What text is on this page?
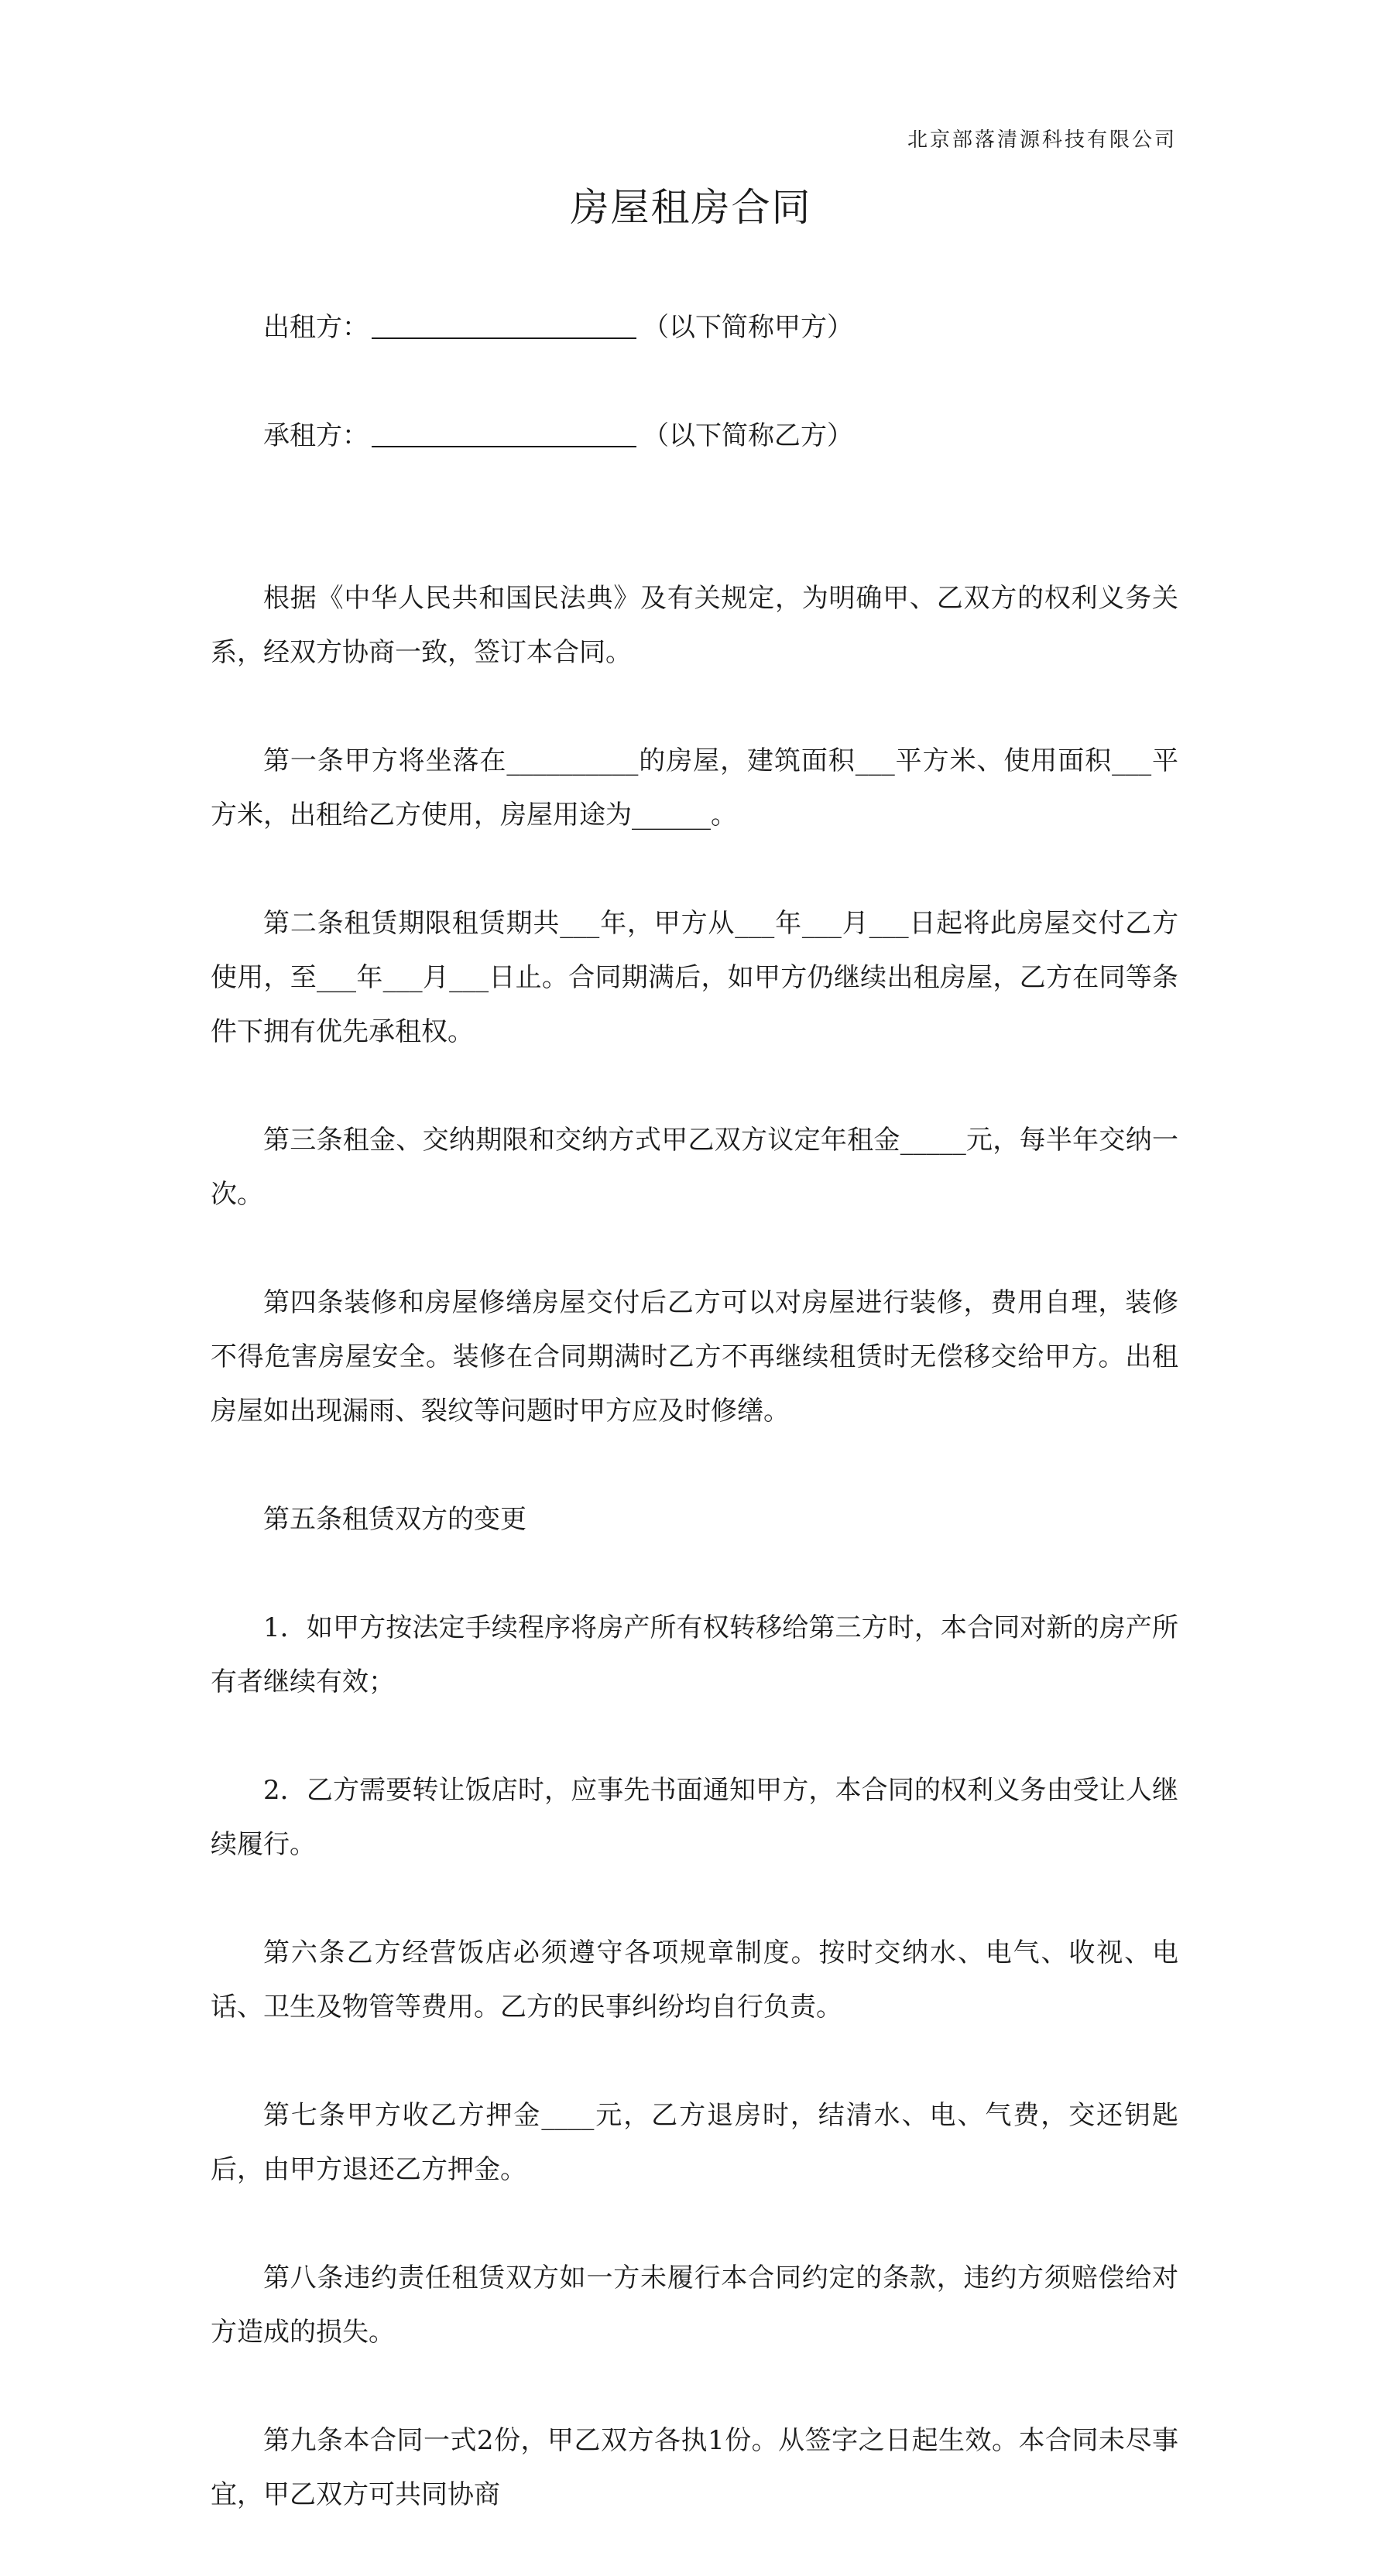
北京部落清源科技有限公司
房屋租房合同

出租方：	（以下简称甲方）

承租方：	（以下简称乙方）

根据《中华人民共和国民法典》及有关规定，为明确甲、乙双方的权利义务关系，经双方协商一致，签订本合同。

第一条甲方将坐落在__________的房屋，建筑面积___平方米、使用面积___平方米，出租给乙方使用，房屋用途为______。

第二条租赁期限租赁期共___年，甲方从___年___月___日起将此房屋交付乙方使用，至___年___月___日止。合同期满后，如甲方仍继续出租房屋，乙方在同等条件下拥有优先承租权。

第三条租金、交纳期限和交纳方式甲乙双方议定年租金_____元，每半年交纳一次。

第四条装修和房屋修缮房屋交付后乙方可以对房屋进行装修，费用自理，装修不得危害房屋安全。装修在合同期满时乙方不再继续租赁时无偿移交给甲方。出租房屋如出现漏雨、裂纹等问题时甲方应及时修缮。

第五条租赁双方的变更

1．如甲方按法定手续程序将房产所有权转移给第三方时，本合同对新的房产所有者继续有效；

2．乙方需要转让饭店时，应事先书面通知甲方，本合同的权利义务由受让人继续履行。

第六条乙方经营饭店必须遵守各项规章制度。按时交纳水、电气、收视、电话、卫生及物管等费用。乙方的民事纠纷均自行负责。

第七条甲方收乙方押金____元，乙方退房时，结清水、电、气费，交还钥匙后，由甲方退还乙方押金。

第八条违约责任租赁双方如一方未履行本合同约定的条款，违约方须赔偿给对方造成的损失。

第九条本合同一式2份，甲乙双方各执1份。从签字之日起生效。本合同未尽事宜，甲乙双方可共同协商
